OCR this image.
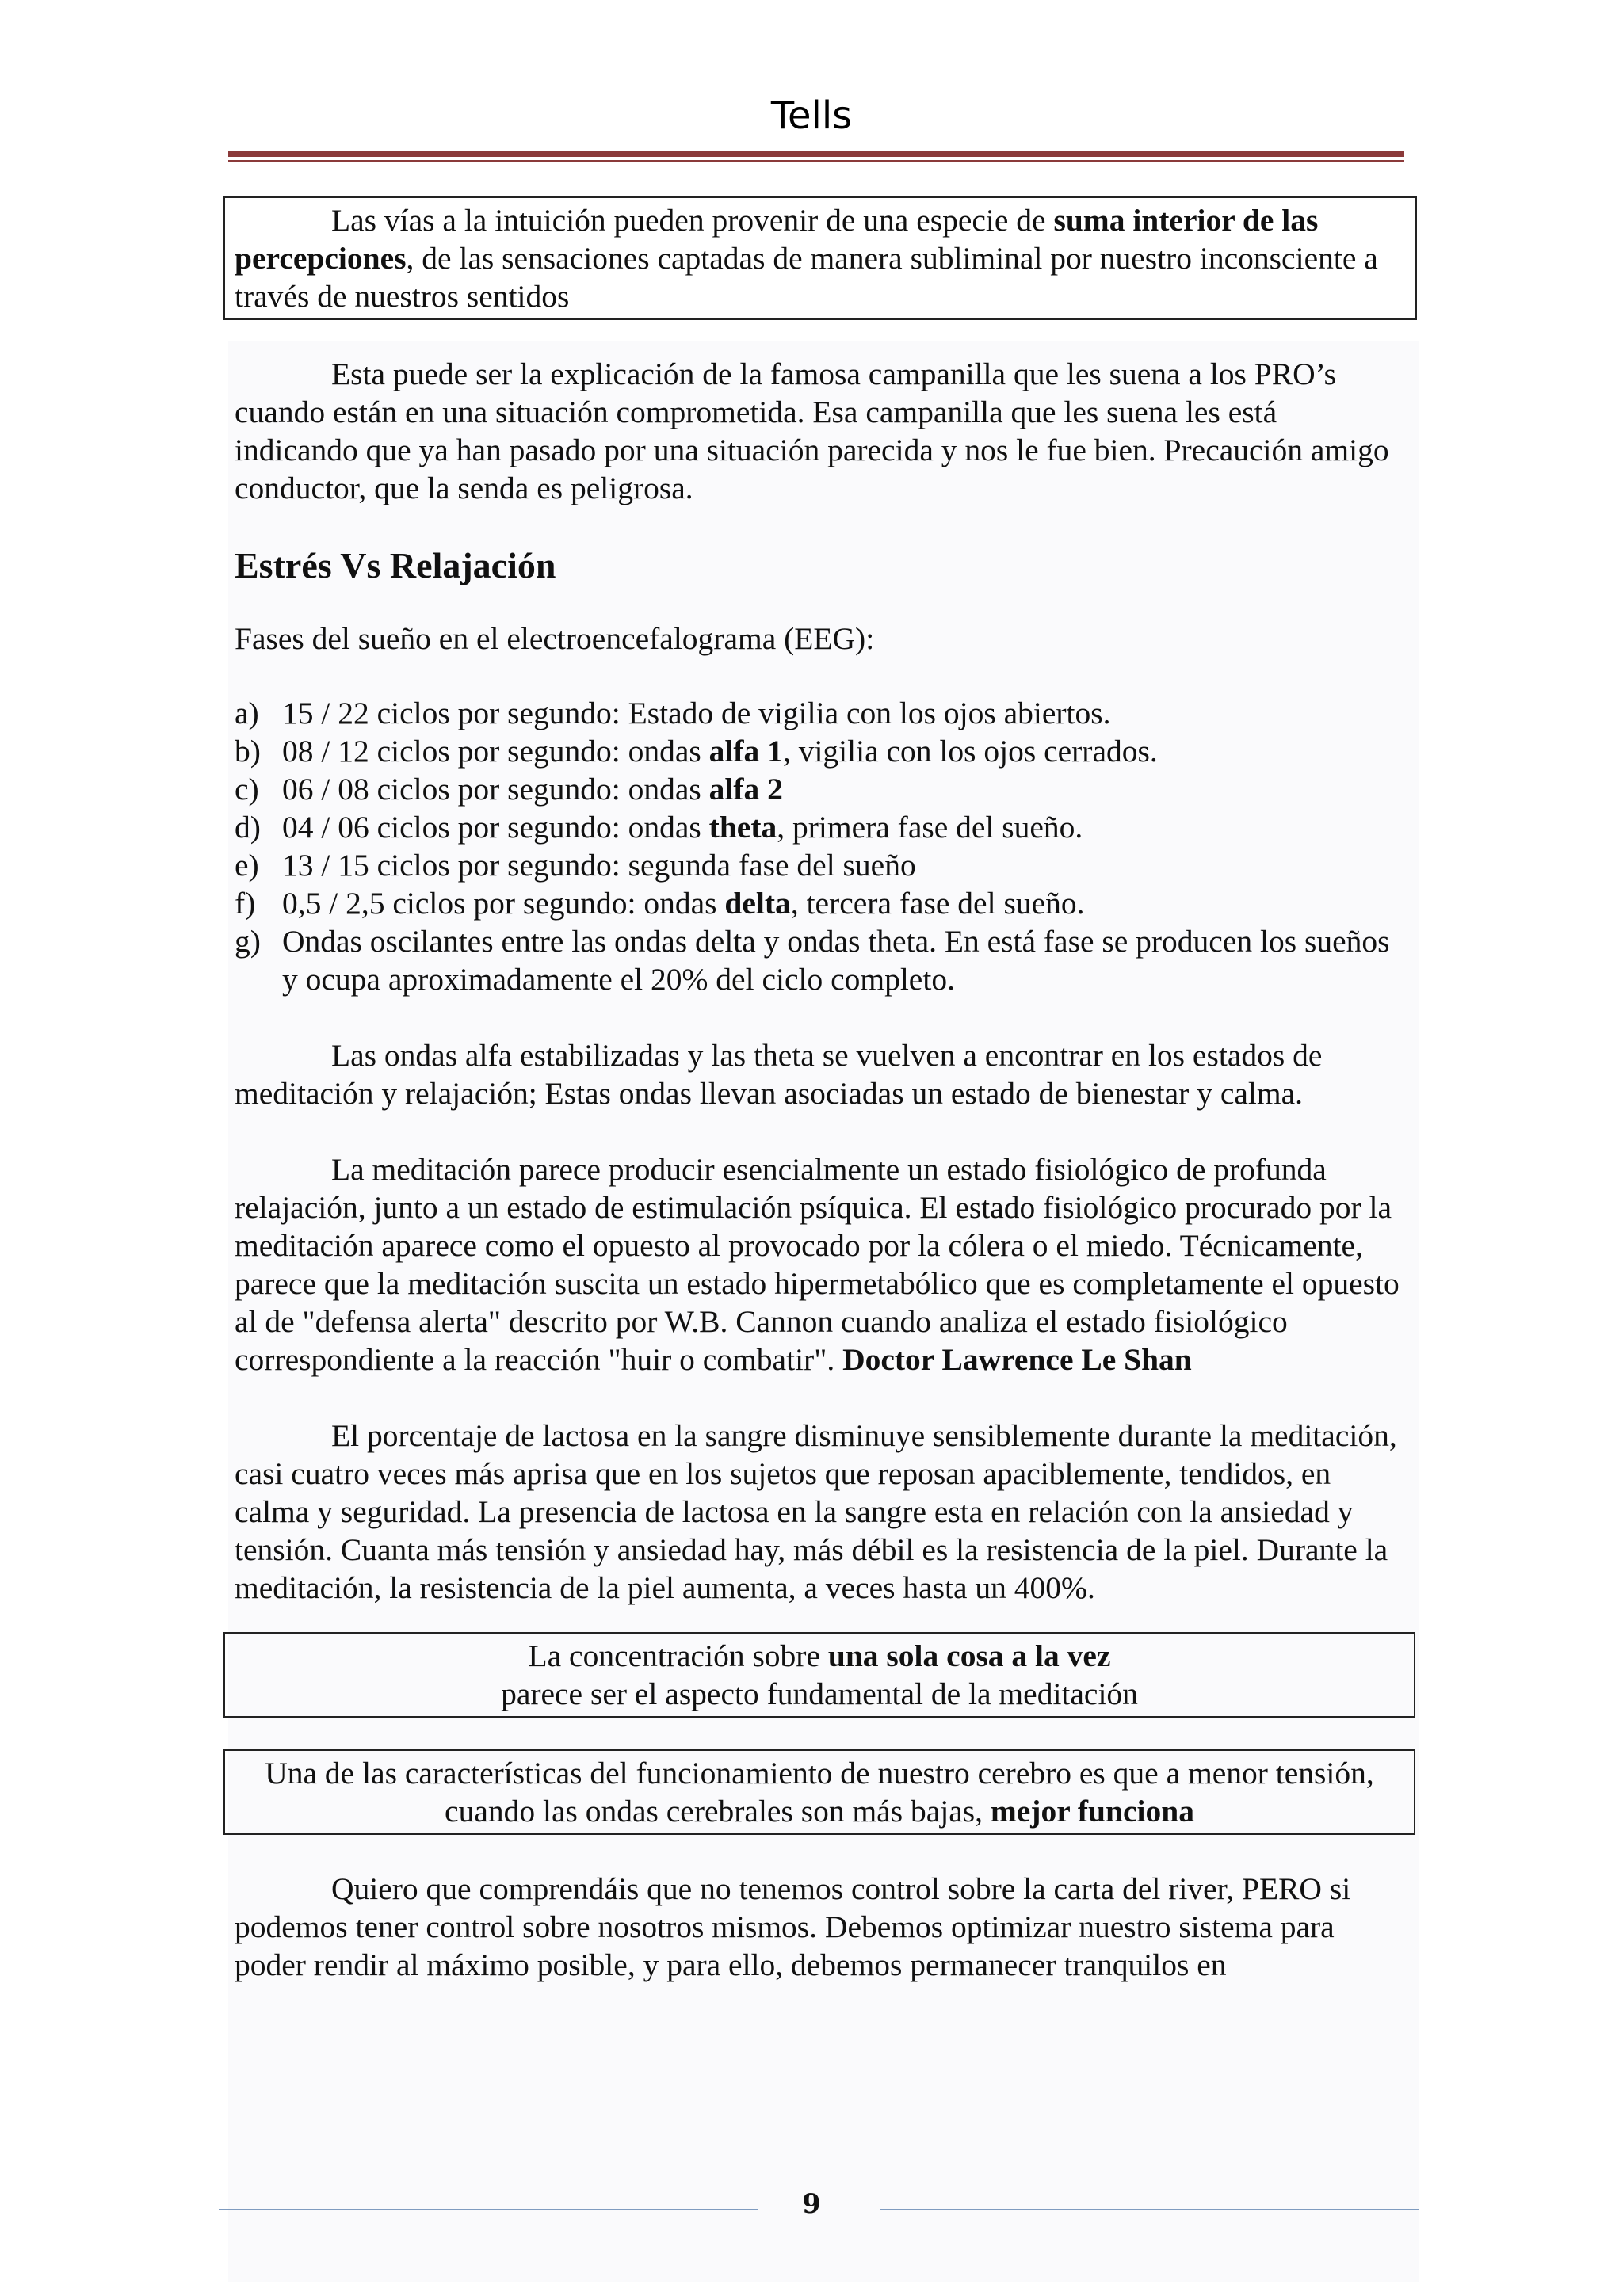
Tells

Las vías a la intuición pueden provenir de una especie de suma interior de las percepciones, de las sensaciones captadas de manera subliminal por nuestro inconsciente a través de nuestros sentidos

Esta puede ser la explicación de la famosa campanilla que les suena a los PRO’s cuando están en una situación comprometida. Esa campanilla que les suena les está indicando que ya han pasado por una situación parecida y nos le fue bien. Precaución amigo conductor, que la senda es peligrosa.

Estrés Vs Relajación

Fases del sueño en el electroencefalograma (EEG):

a) 15 / 22 ciclos por segundo: Estado de vigilia con los ojos abiertos.
b) 08 / 12 ciclos por segundo: ondas alfa 1, vigilia con los ojos cerrados.
c) 06 / 08 ciclos por segundo: ondas alfa 2
d) 04 / 06 ciclos por segundo: ondas theta, primera fase del sueño.
e) 13 / 15 ciclos por segundo: segunda fase del sueño
f) 0,5 / 2,5 ciclos por segundo: ondas delta, tercera fase del sueño.
g) Ondas oscilantes entre las ondas delta y ondas theta. En está fase se producen los sueños y ocupa aproximadamente el 20% del ciclo completo.

Las ondas alfa estabilizadas y las theta se vuelven a encontrar en los estados de meditación y relajación; Estas ondas llevan asociadas un estado de bienestar y calma.

La meditación parece producir esencialmente un estado fisiológico de profunda relajación, junto a un estado de estimulación psíquica. El estado fisiológico procurado por la meditación aparece como el opuesto al provocado por la cólera o el miedo. Técnicamente, parece que la meditación suscita un estado hipermetabólico que es completamente el opuesto al de "defensa alerta" descrito por W.B. Cannon cuando analiza el estado fisiológico correspondiente a la reacción "huir o combatir". Doctor Lawrence Le Shan

El porcentaje de lactosa en la sangre disminuye sensiblemente durante la meditación, casi cuatro veces más aprisa que en los sujetos que reposan apaciblemente, tendidos, en calma y seguridad. La presencia de lactosa en la sangre esta en relación con la ansiedad y tensión. Cuanta más tensión y ansiedad hay, más débil es la resistencia de la piel. Durante la meditación, la resistencia de la piel aumenta, a veces hasta un 400%.

La concentración sobre una sola cosa a la vez

parece ser el aspecto fundamental de la meditación

Una de las características del funcionamiento de nuestro cerebro es que a menor tensión, cuando las ondas cerebrales son más bajas, mejor funciona

Quiero que comprendáis que no tenemos control sobre la carta del river, PERO si podemos tener control sobre nosotros mismos. Debemos optimizar nuestro sistema para poder rendir al máximo posible, y para ello, debemos permanecer tranquilos en

9
